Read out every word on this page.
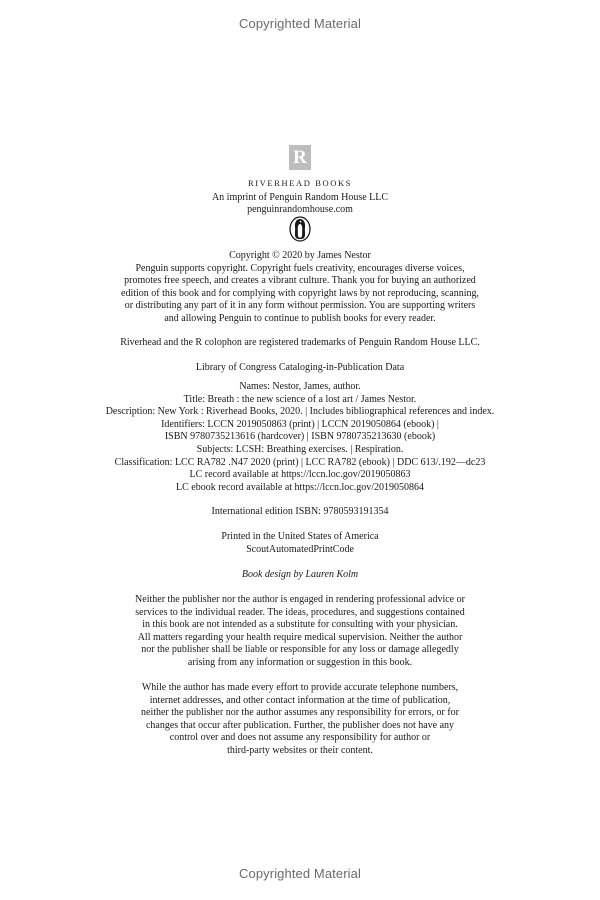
Copyrighted Material
R
RIVERHEAD BOOKS
An imprint of Penguin Random House LLC
penguinrandomhouse.com
Copyright © 2020 by James Nestor
Penguin supports copyright. Copyright fuels creativity, encourages diverse voices,
promotes free speech, and creates a vibrant culture. Thank you for buying an authorized
edition of this book and for complying with copyright laws by not reproducing, scanning,
or distributing any part of it in any form without permission. You are supporting writers
and allowing Penguin to continue to publish books for every reader.
Riverhead and the R colophon are registered trademarks of Penguin Random House LLC.
Library of Congress Cataloging-in-Publication Data
Names: Nestor, James, author.
Title: Breath : the new science of a lost art / James Nestor.
Description: New York : Riverhead Books, 2020. | Includes bibliographical references and index.
Identifiers: LCCN 2019050863 (print) | LCCN 2019050864 (ebook) |
ISBN 9780735213616 (hardcover) | ISBN 9780735213630 (ebook)
Subjects: LCSH: Breathing exercises. | Respiration.
Classification: LCC RA782 .N47 2020 (print) | LCC RA782 (ebook) | DDC 613/.192—dc23
LC record available at https://lccn.loc.gov/2019050863
LC ebook record available at https://lccn.loc.gov/2019050864
International edition ISBN: 9780593191354
Printed in the United States of America
ScoutAutomatedPrintCode
Book design by Lauren Kolm
Neither the publisher nor the author is engaged in rendering professional advice or
services to the individual reader. The ideas, procedures, and suggestions contained
in this book are not intended as a substitute for consulting with your physician.
All matters regarding your health require medical supervision. Neither the author
nor the publisher shall be liable or responsible for any loss or damage allegedly
arising from any information or suggestion in this book.
While the author has made every effort to provide accurate telephone numbers,
internet addresses, and other contact information at the time of publication,
neither the publisher nor the author assumes any responsibility for errors, or for
changes that occur after publication. Further, the publisher does not have any
control over and does not assume any responsibility for author or
third-party websites or their content.
Copyrighted Material
